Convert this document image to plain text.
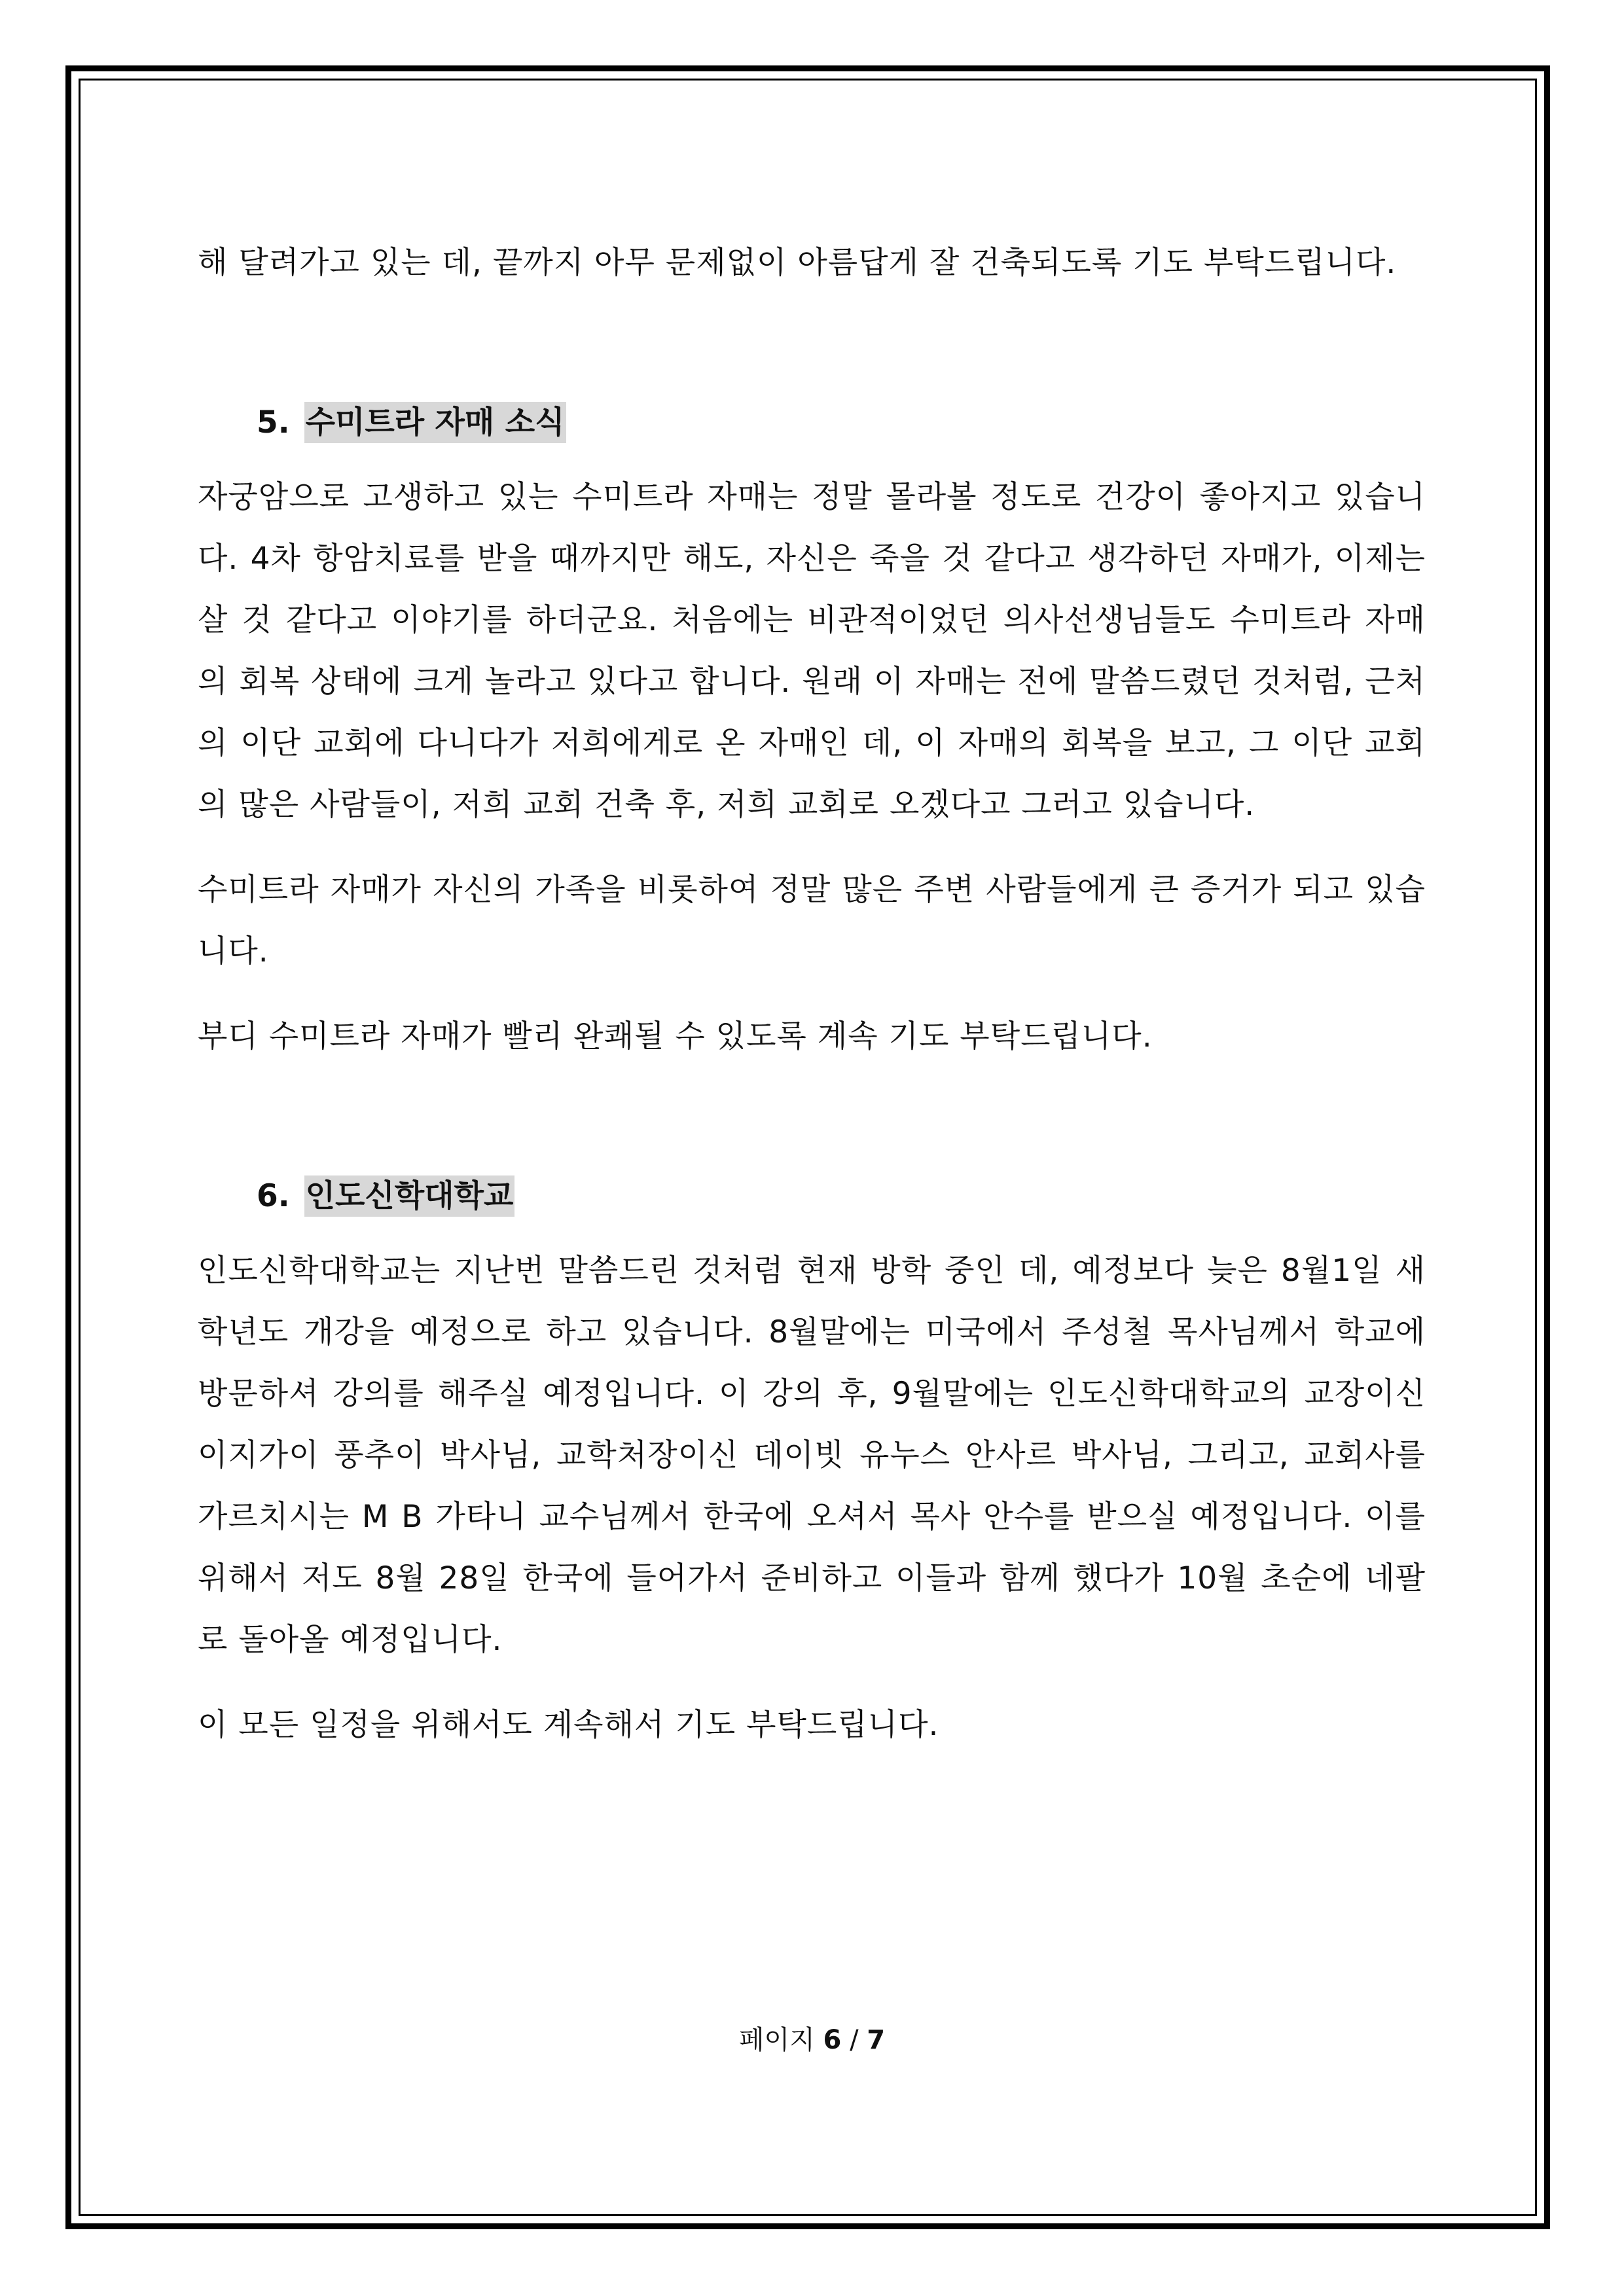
해 달려가고 있는 데, 끝까지 아무 문제없이 아름답게 잘 건축되도록 기도 부탁드립니다.

5. 수미트라 자매 소식

자궁암으로 고생하고 있는 수미트라 자매는 정말 몰라볼 정도로 건강이 좋아지고 있습니다. 4차 항암치료를 받을 때까지만 해도, 자신은 죽을 것 같다고 생각하던 자매가, 이제는 살 것 같다고 이야기를 하더군요. 처음에는 비관적이었던 의사선생님들도 수미트라 자매의 회복 상태에 크게 놀라고 있다고 합니다. 원래 이 자매는 전에 말씀드렸던 것처럼, 근처의 이단 교회에 다니다가 저희에게로 온 자매인 데, 이 자매의 회복을 보고, 그 이단 교회의 많은 사람들이, 저희 교회 건축 후, 저희 교회로 오겠다고 그러고 있습니다.

수미트라 자매가 자신의 가족을 비롯하여 정말 많은 주변 사람들에게 큰 증거가 되고 있습니다.

부디 수미트라 자매가 빨리 완쾌될 수 있도록 계속 기도 부탁드립니다.

6. 인도신학대학교

인도신학대학교는 지난번 말씀드린 것처럼 현재 방학 중인 데, 예정보다 늦은 8월1일 새학년도 개강을 예정으로 하고 있습니다. 8월말에는 미국에서 주성철 목사님께서 학교에 방문하셔 강의를 해주실 예정입니다. 이 강의 후, 9월말에는 인도신학대학교의 교장이신 이지가이 풍추이 박사님, 교학처장이신 데이빗 유누스 안사르 박사님, 그리고, 교회사를 가르치시는 M B 가타니 교수님께서 한국에 오셔서 목사 안수를 받으실 예정입니다. 이를 위해서 저도 8월 28일 한국에 들어가서 준비하고 이들과 함께 했다가 10월 초순에 네팔로 돌아올 예정입니다.

이 모든 일정을 위해서도 계속해서 기도 부탁드립니다.

페이지 6 / 7
